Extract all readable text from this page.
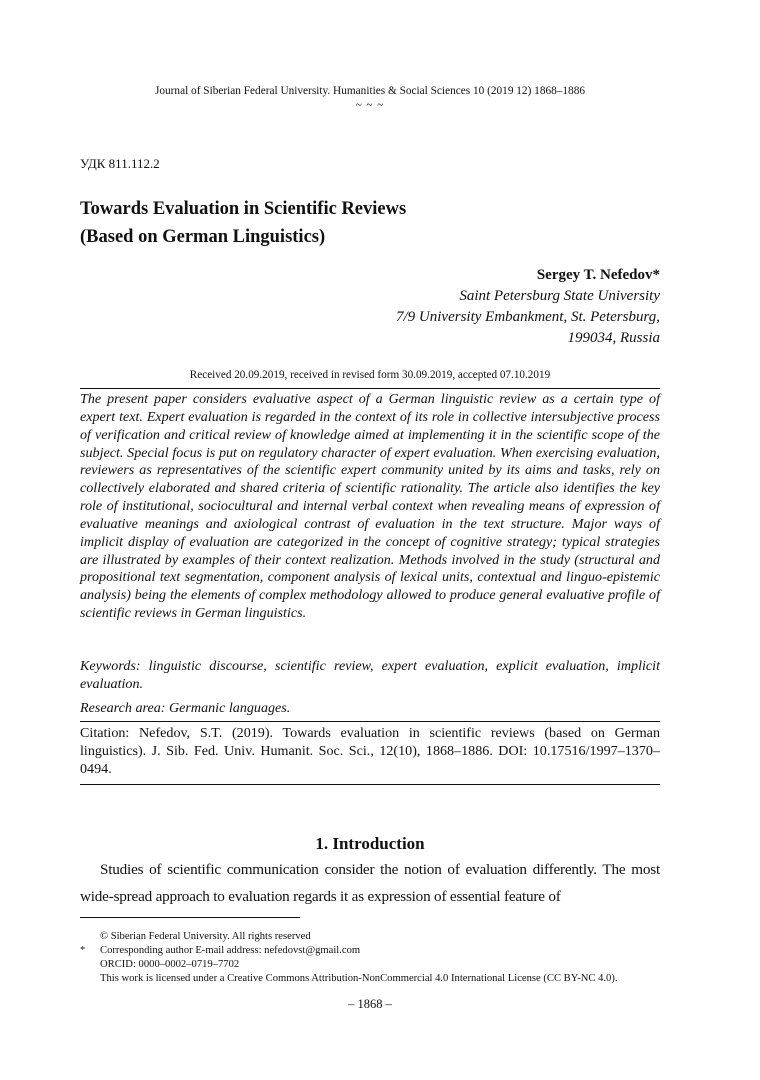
Journal of Siberian Federal University. Humanities & Social Sciences 10 (2019 12) 1868–1886
~ ~ ~
УДК 811.112.2
Towards Evaluation in Scientific Reviews
(Based on German Linguistics)
Sergey T. Nefedov*
Saint Petersburg State University
7/9 University Embankment, St. Petersburg,
199034, Russia
Received 20.09.2019, received in revised form 30.09.2019, accepted 07.10.2019
The present paper considers evaluative aspect of a German linguistic review as a certain type of expert text. Expert evaluation is regarded in the context of its role in collective intersubjective process of verification and critical review of knowledge aimed at implementing it in the scientific scope of the subject. Special focus is put on regulatory character of expert evaluation. When exercising evaluation, reviewers as representatives of the scientific expert community united by its aims and tasks, rely on collectively elaborated and shared criteria of scientific rationality. The article also identifies the key role of institutional, sociocultural and internal verbal context when revealing means of expression of evaluative meanings and axiological contrast of evaluation in the text structure. Major ways of implicit display of evaluation are categorized in the concept of cognitive strategy; typical strategies are illustrated by examples of their context realization. Methods involved in the study (structural and propositional text segmentation, component analysis of lexical units, contextual and linguo-epistemic analysis) being the elements of complex methodology allowed to produce general evaluative profile of scientific reviews in German linguistics.
Keywords: linguistic discourse, scientific review, expert evaluation, explicit evaluation, implicit evaluation.
Research area: Germanic languages.
Citation: Nefedov, S.T. (2019). Towards evaluation in scientific reviews (based on German linguistics). J. Sib. Fed. Univ. Humanit. Soc. Sci., 12(10), 1868–1886. DOI: 10.17516/1997–1370–0494.
1. Introduction
Studies of scientific communication consider the notion of evaluation differently. The most wide-spread approach to evaluation regards it as expression of essential feature of
© Siberian Federal University. All rights reserved
* Corresponding author E-mail address: nefedovst@gmail.com
ORCID: 0000–0002–0719–7702
This work is licensed under a Creative Commons Attribution-NonCommercial 4.0 International License (CC BY-NC 4.0).
– 1868 –
